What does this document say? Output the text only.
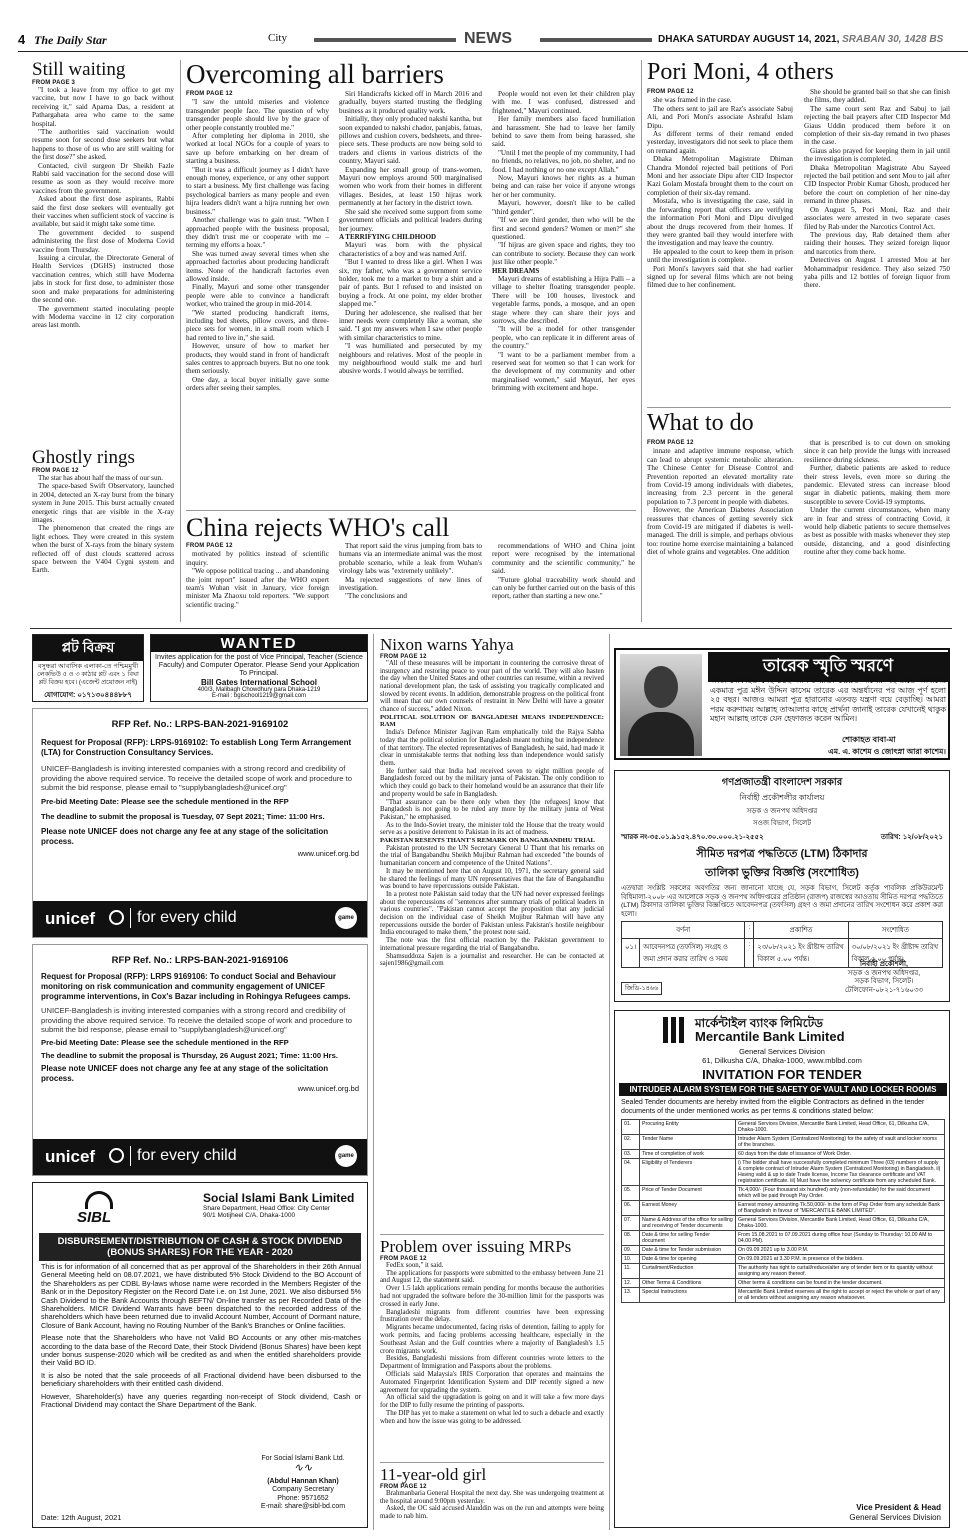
4 The Daily Star	City	NEWS	DHAKA SATURDAY AUGUST 14, 2021, SRABAN 30, 1428 BS
Still waiting
FROM PAGE 3

"I took a leave from my office to get my vaccine, but now I have to go back without receiving it," said Aparna Das, a resident at Pathargahata area who came to the same hospital.

"The authorities said vaccination would resume soon for second dose seekers but what happens to those of us who are still waiting for the first dose?" she asked.

Contacted, civil surgeon Dr Sheikh Fazle Rabbi said vaccination for the second dose will resume as soon as they would receive more vaccines from the government.

Asked about the first dose aspirants, Rabbi said the first dose seekers will eventually get their vaccines when sufficient stock of vaccine is available, but said it might take some time.

The government decided to suspend administering the first dose of Moderna Covid vaccine from Thursday.

Issuing a circular, the Directorate General of Health Services (DGHS) instructed those vaccination centres, which still have Moderna jabs in stock for first dose, to administer those soon and make preparations for administering the second one.

The government started inoculating people with Moderna vaccine in 12 city corporation areas last month.

Ghostly rings
FROM PAGE 12

The star has about half the mass of our sun.

The space-based Swift Observatory, launched in 2004, detected an X-ray burst from the binary system in June 2015. This burst actually created energetic rings that are visible in the X-ray images.

The phenomenon that created the rings are light echoes. They were created in this system when the burst of X-rays from the binary system reflected off of dust clouds scattered across space between the V404 Cygni system and Earth.

Overcoming all barriers
FROM PAGE 12

"I saw the untold miseries and violence transgender people face. The question of why transgender people should live by the grace of other people constantly troubled me."

After completing her diploma in 2010, she worked at local NGOs for a couple of years to save up before embarking on her dream of starting a business.

"But it was a difficult journey as I didn't have enough money, experience, or any other support to start a business. My first challenge was facing psychological barriers as many people and even hijra leaders didn't want a hijra running her own business."

Another challenge was to gain trust. "When I approached people with the business proposal, they didn't trust me or cooperate with me – terming my efforts a hoax."

She was turned away several times when she approached factories about producing handicraft items. None of the handicraft factories even allowed inside.

Finally, Mayuri and some other transgender people were able to convince a handicraft worker, who trained the group in mid-2014.

"We started producing handicraft items, including bed sheets, pillow covers, and three-piece sets for women, in a small room which I had rented to live in," she said.

However, unsure of how to market her products, they would stand in front of handicraft sales centres to approach buyers. But no one took them seriously.

One day, a local buyer initially gave some orders after seeing their samples.

Siri Handicrafts kicked off in March 2016 and gradually, buyers started trusting the fledgling business as it produced quality work.

Initially, they only produced nakshi kantha, but soon expanded to nakshi chador, panjabis, fatuas, pillows and cushion covers, bedsheets, and three-piece sets. These products are now being sold to traders and clients in various districts of the country, Mayuri said.

Expanding her small group of trans-women, Mayuri now employs around 500 marginalised women who work from their homes in different villages. Besides, at least 150 hijras work permanently at her factory in the district town.

She said she received some support from some government officials and political leaders during her journey.

A TERRIFYING CHILDHOOD

Mayuri was born with the physical characteristics of a boy and was named Arif.

"But I wanted to dress like a girl. When I was six, my father, who was a government service holder, took me to a market to buy a shirt and a pair of pants. But I refused to and insisted on buying a frock. At one point, my elder brother slapped me."

During her adolescence, she realised that her inner needs were completely like a woman, she said. "I got my answers when I saw other people with similar characteristics to mine.

"I was humiliated and persecuted by my neighbours and relatives. Most of the people in my neighbourhood would stalk me and hurl abusive words. I would always be terrified.

People would not even let their children play with me. I was confused, distressed and frightened," Mayuri continued.

Her family members also faced humiliation and harassment. She had to leave her family behind to save them from being harassed, she said.

"Until I met the people of my community, I had no friends, no relatives, no job, no shelter, and no food. I had nothing or no one except Allah."

Now, Mayuri knows her rights as a human being and can raise her voice if anyone wrongs her or her community.

Mayuri, however, doesn't like to be called "third gender".

"If we are third gender, then who will be the first and second genders? Women or men?" she questioned.

"If hijras are given space and rights, they too can contribute to society. Because they can work just like other people."

HER DREAMS

Mayuri dreams of establishing a Hijra Palli – a village to shelter floating transgender people. There will be 100 houses, livestock and vegetable farms, ponds, a mosque, and an open stage where they can share their joys and sorrows, she described.

"It will be a model for other transgender people, who can replicate it in different areas of the country."

"I want to be a parliament member from a reserved seat for women so that I can work for the development of my community and other marginalised women," said Mayuri, her eyes brimming with excitement and hope.

China rejects WHO's call
FROM PAGE 12

motivated by politics instead of scientific inquiry.

"We oppose political tracing ... and abandoning the joint report" issued after the WHO expert team's Wuhan visit in January, vice foreign minister Ma Zhaoxu told reporters. "We support scientific tracing."

That report said the virus jumping from bats to humans via an intermediate animal was the most probable scenario, while a leak from Wuhan's virology labs was "extremely unlikely".

Ma rejected suggestions of new lines of investigation.

"The conclusions and

recommendations of WHO and China joint report were recognised by the international community and the scientific community," he said.

"Future global traceability work should and can only be further carried out on the basis of this report, rather than starting a new one."

Pori Moni, 4 others
FROM PAGE 12

she was framed in the case.

The others sent to jail are Raz's associate Sabuj Ali, and Pori Moni's associate Ashraful Islam Dipu.

As different terms of their remand ended yesterday, investigators did not seek to place them on remand again.

Dhaka Metropolitan Magistrate Dhiman Chandra Mondol rejected bail petitions of Pori Moni and her associate Dipu after CID Inspector Kazi Golam Mostafa brought them to the court on completion of their six-day remand.

Mostafa, who is investigating the case, said in the forwarding report that officers are verifying the information Pori Moni and Dipu divulged about the drugs recovered from their homes. If they were granted bail they would interfere with the investigation and may leave the country.

He appealed to the court to keep them in prison until the investigation is complete.

Pori Moni's lawyers said that she had earlier signed up for several films which are not being filmed due to her confinement.

She should be granted bail so that she can finish the films, they added.

The same court sent Raz and Sabuj to jail rejecting the bail prayers after CID Inspector Md Giaus Uddin produced them before it on completion of their six-day remand in two phases in the case.

Giaus also prayed for keeping them in jail until the investigation is completed.

Dhaka Metropolitan Magistrate Abu Sayeed rejected the bail petition and sent Mou to jail after CID Inspector Probir Kumar Ghosh, produced her before the court on completion of her nine-day remand in three phases.

On August 5, Pori Moni, Raz and their associates were arrested in two separate cases filed by Rab under the Narcotics Control Act.

The previous day, Rab detained them after raiding their houses. They seized foreign liquor and narcotics from there.

Detectives on August 1 arrested Mou at her Mohammadpur residence. They also seized 750 yaba pills and 12 bottles of foreign liquor from there.

What to do
FROM PAGE 12

innate and adaptive immune response, which can lead to abrupt systemic metabolic alteration. The Chinese Center for Disease Control and Prevention reported an elevated mortality rate from Covid-19 among individuals with diabetes, increasing from 2.3 percent in the general population to 7.3 percent in people with diabetes.

However, the American Diabetes Association reassures that chances of getting severely sick from Covid-19 are mitigated if diabetes is well-managed. The drill is simple, and perhaps obvious too: routine home exercise maintaining a balanced diet of whole grains and vegetables. One addition

that is prescribed is to cut down on smoking since it can help provide the lungs with increased resilience during sickness.

Further, diabetic patients are asked to reduce their stress levels, even more so during the pandemic. Elevated stress can increase blood sugar in diabetic patients, making them more susceptible to severe Covid-19 symptoms.

Under the current circumstances, when many are in fear and stress of contracting Covid, it would help diabetic patients to secure themselves as best as possible with masks whenever they step outside, distancing, and a good disinfecting routine after they come back home.

প্লট বিক্রয়
বসুন্ধরা আবাসিক এলাকা-তে পশ্চিমমুখী লেকভিউ ৫ ও ৩ কাঠার প্লট এবং ১ বিঘা প্লট বিক্রয় হবে। (এজেন্ট প্রয়োজন নাই)
যোগাযোগ: ০১৭১৩০৪৪৪৮৮৭
WANTED
Invites application for the post of Vice Principal, Teacher (Science Faculty) and Computer Operator. Please Send your Application To Principal.
Bill Gates International School
400/3, Malibagh Chowdhury para Dhaka-1219
E-mail : bgischool1219@gmail.com
RFP Ref. No.: LRPS-BAN-2021-9169102
Request for Proposal (RFP): LRPS-9169102: To establish Long Term Arrangement (LTA) for Construction Consultancy Services.
UNICEF-Bangladesh is inviting interested companies with a strong record and credibility of providing the above required service. To receive the detailed scope of work and procedure to submit the bid response, please email to "supplybangladesh@unicef.org"
Pre-bid Meeting Date: Please see the schedule mentioned in the RFP
The deadline to submit the proposal is Tuesday, 07 Sept 2021; Time: 11:00 Hrs.
Please note UNICEF does not charge any fee at any stage of the solicitation process.
www.unicef.org.bd
unicef	for every child	game
RFP Ref. No.: LRPS-BAN-2021-9169106
Request for Proposal (RFP): LRPS 9169106: To conduct Social and Behaviour monitoring on risk communication and community engagement of UNICEF programme interventions, in Cox's Bazar including in Rohingya Refugees camps.
UNICEF-Bangladesh is inviting interested companies with a strong record and credibility of providing the above required service. To receive the detailed scope of work and procedure to submit the bid response, please email to "supplybangladesh@unicef.org"
Pre-bid Meeting Date: Please see the schedule mentioned in the RFP
The deadline to submit the proposal is Thursday, 26 August 2021; Time: 11:00 Hrs.
Please note UNICEF does not charge any fee at any stage of the solicitation process.
www.unicef.org.bd
unicef	for every child	game
SIBL
Social Islami Bank Limited
Share Department, Head Office: City Center
90/1 Motijheel C/A, Dhaka-1000
DISBURSEMENT/DISTRIBUTION OF CASH & STOCK DIVIDEND (BONUS SHARES) FOR THE YEAR - 2020

This is for information of all concerned that as per approval of the Shareholders in their 26th Annual General Meeting held on 08.07.2021, we have distributed 5% Stock Dividend to the BO Account of the Shareholders as per CDBL By-laws whose name were recorded in the Members Register of the Bank or in the Depository Register on the Record Date i.e. on 1st June, 2021. We also disbursed 5% Cash Dividend to the Bank Accounts through BEFTN/ On-line transfer as per Recorded Data of the Shareholders. MICR Dividend Warrants have been dispatched to the recorded address of the shareholders which have been returned due to invalid Account Number, Account of Dormant nature, Closure of Bank Account, having no Routing Number of the Bank's Branches or Online facilities.

Please note that the Shareholders who have not Valid BO Accounts or any other mis-matches according to the data base of the Record Date, their Stock Dividend (Bonus Shares) have been kept under bonus suspense-2020 which will be credited as and when the entitled shareholders provide their Valid BO ID.

It is also be noted that the sale proceeds of all Fractional dividend have been disbursed to the beneficiary shareholders with their entitled cash dividend.

However, Shareholder(s) have any queries regarding non-receipt of Stock dividend, Cash or Fractional Dividend may contact the Share Department of the Bank.

For Social Islami Bank Ltd.
∿∿
(Abdul Hannan Khan)
Company Secretary
Phone: 9571652
E-mail: share@sibl-bd.com
Date: 12th August, 2021
Nixon warns Yahya
FROM PAGE 12

"All of these measures will be important in countering the corrosive threat of insurgency and restoring peace to your part of the world. They will also hasten the day when the United States and other countries can resume, within a revived national development plan, the task of assisting you tragically complicated and slowed by recent events. In addition, demonstrable progress on the political front will mean that our own counsels of restraint in New Delhi will have a greater chance of success," added Nixon.

POLITICAL SOLUTION OF BANGLADESH MEANS INDEPENDENCE: RAM

India's Defence Minister Jagjivan Ram emphatically told the Rajya Sabha today that the political solution for Bangladesh meant nothing but independence of that territory. The elected representatives of Bangladesh, he said, had made it clear in unmistakable terms that nothing less than independence would satisfy them.

He further said that India had received seven to eight million people of Bangladesh forced out by the military junta of Pakistan. The only condition to which they could go back to their homeland would be an assurance that their life and property would be safe in Bangladesh.

"That assurance can be there only when they [the refugees] know that Bangladesh is not going to be ruled any more by the military junta of West Pakistan," he emphasised.

As to the Indo-Soviet treaty, the minister told the House that the treaty would serve as a positive deterrent to Pakistan in its act of madness.

PAKISTAN RESENTS THANT'S REMARK ON BANGABANDHU TRIAL

Pakistan protested to the UN Secretary General U Thant that his remarks on the trial of Bangabandhu Sheikh Mujibur Rahman had exceeded "the bounds of humanitarian concern and competence of the United Nations".

It may be mentioned here that on August 10, 1971, the secretary general said he shared the feelings of many UN representatives that the fate of Bangabandhu was bound to have repercussions outside Pakistan.

In a protest note Pakistan said today that the UN had never expressed feelings about the repercussions of "sentences after summary trials of political leaders in various countries". "Pakistan cannot accept the proposition that any judicial decision on the individual case of Sheikh Mujibur Rahman will have any repercussions outside the border of Pakistan unless Pakistan's hostile neighbour India encouraged to make them," the protest note said.

The note was the first official reaction by the Pakistan government to international pressure regarding the trial of Bangabandhu.

Shamsuddoza Sajen is a journalist and researcher. He can be contacted at sajen1986@gmail.com

Problem over issuing MRPs
FROM PAGE 12

FedEx soon," it said.

The applications for passports were submitted to the embassy between June 21 and August 12, the statement said.

Over 1.5 lakh applications remain pending for months because the authorities had not upgraded the software before the 30-million limit for the passports was crossed in early June.

Bangladeshi migrants from different countries have been expressing frustration over the delay.

Migrants became undocumented, facing risks of detention, failing to apply for work permits, and facing problems accessing healthcare, especially in the Southeast Asian and the Gulf countries where a majority of Bangladesh's 1.5 crore migrants work.

Besides, Bangladeshi missions from different countries wrote letters to the Department of Immigration and Passports about the problems.

Officials said Malaysia's IRIS Corporation that operates and maintains the Automated Fingerprint Identification System and DIP recently signed a new agreement for upgrading the system.

An official said the upgradation is going on and it will take a few more days for the DIP to fully resume the printing of passports.

The DIP has yet to make a statement on what led to such a debacle and exactly when and how the issue was going to be addressed.

11-year-old girl
FROM PAGE 12

Brahmanbaria General Hospital the next day. She was undergoing treatment at the hospital around 9:00pm yesterday.

Asked, the OC said accused Alauddin was on the run and attempts were being made to nab him.

তারেক স্মৃতি স্মরণে
আজ শোকাহত সেই ১৪ই আগস্ট রাত। ১৯৯৬ সালের এই রাতে আমাদের একমাত্র পুত্র মঈন উদ্দিন কাসেম তারেক এর অন্তর্ধানের পর আজ পূর্ণ হলো ২৫ বছর। আজও আমরা পুত্র হারানোর এতবড় যন্ত্রণা বয়ে বেড়াচ্ছি। আমরা পরম করুণাময় আল্লাহ তাআলার কাছে প্রার্থনা জানাই তারেক যেখানেই থাকুক মহান আল্লাহ তাকে যেন হেফাজত করেন আমিন।
শোকাহত বাবা-মা
এম. এ. কাশেম ও জোৎস্না আরা কাশেম।
গণপ্রজাতন্ত্রী বাংলাদেশ সরকার
নির্বাহী প্রকৌশলীর কার্যালয়
সড়ক ও জনপথ অধিদপ্তর
সওজ বিভাগ, সিলেট
স্মারক নং-৩৫.০১.৯১৫২.৪৭০.৩০.০০০.২১-২৫৫২	তারিখ: ১২/০৮/২০২১
সীমিত দরপত্র পদ্ধতিতে (LTM) ঠিকাদার
তালিকা ভুক্তির বিজ্ঞপ্তি (সংশোধিত)
এতদ্বারা সংশ্লিষ্ট সকলের অবগতির জন্য জানানো যাচ্ছে যে, সড়ক বিভাগ, সিলেট কর্তৃক পাবলিক প্রকিউরমেন্ট বিধিমালা-২০০৮ এর আলোকে সড়ক ও জনপথ অধিদপ্তরের প্রতিষ্ঠান (রাজপ) রাজস্বের আওতায় সীমিত দরপত্র পদ্ধতিতে (LTM) ঠিকাদার তালিকা ভুক্তির বিজ্ঞপ্তিতে আবেদনপত্র (তফসিল) গ্রহণ ও জমা প্রদানের তারিখ সংশোধন করে প্রকাশ করা হলো।
বর্ণনা		:	প্রকাশিত	সংশোধিত
০১।	আবেদনপত্র (তফসিল) সংগ্রহ ও জমা প্রদান করার তারিখ ও সময়	:	২৩/০৮/২০২১ ইং খ্রীষ্টাব্দ তারিখ বিকাল ৫.০০ পর্যন্ত।	৩০/০৮/২০২১ ইং খ্রীষ্টাব্দ তারিখ বিকাল ৫.০০ পর্যন্ত।
নির্বাহী প্রকৌশলী,
সড়ক ও জনপথ অধিদপ্তর,
সড়ক বিভাগ, সিলেট।
টেলিফোন-০৮২১-৭১৬০৩৩
জিডি-১৪৬৬
মার্কেন্টাইল ব্যাংক লিমিটেড
Mercantile Bank Limited
General Services Division
61, Dilkusha C/A, Dhaka-1000, www.mblbd.com
INVITATION FOR TENDER
INTRUDER ALARM SYSTEM FOR THE SAFETY OF VAULT AND LOCKER ROOMS
Sealed Tender documents are hereby invited from the eligible Contractors as defined in the tender documents of the under mentioned works as per terms & conditions stated below:
01.	Procuring Entity	General Services Division, Mercantile Bank Limited, Head Office, 61, Dilkusha C/A, Dhaka-1000.
02.	Tender Name	Intruder Alarm System (Centralized Monitoring) for the safety of vault and locker rooms of the branches.
03.	Time of completion of work	60 days from the date of issuance of Work Order.
04.	Eligibility of Tenderers	i) The bidder shall have successfully completed minimum Three (03) numbers of supply & complete contract of Intruder Alarm System (Centralized Monitoring) in Bangladesh. ii) Having valid & up to date Trade license, Income Tax clearance certificate and VAT registration certificate. iii) Must have the solvency certificate from any scheduled Bank.
05.	Price of Tender Document	Tk.4,000/- (Four thousand six hundred) only (non-refundable) for the said document which will be paid through Pay Order.
06.	Earnest Money	Earnest money amounting Tk.50,000/- in the form of Pay Order from any schedule Bank of Bangladesh in favour of "MERCANTILE BANK LIMITED".
07.	Name & Address of the office for selling and receiving of Tender documents	General Services Division, Mercantile Bank Limited, Head Office, 61, Dilkusha C/A, Dhaka-1000.
08.	Date & time for selling Tender document	From 15.08.2021 to 07.09.2021 during office hour (Sunday to Thursday: 10.00 AM to 04.00 PM).
09.	Date & time for Tender submission	On 09.09.2021 up to 3.00 P.M.
10.	Date & time for opening	On 09.09.2021 at 3.30 P.M. in presence of the bidders.
11.	Curtailment/Reduction	The authority has right to curtail/reduce/alter any of tender item or its quantity without assigning any reason thereof.
12.	Other Terms & Conditions	Other terms & conditions can be found in the tender document.
13.	Special Instructions	Mercantile Bank Limited reserves all the right to accept or reject the whole or part of any or all tenders without assigning any reason whatsoever.
Vice President & Head
General Services Division
